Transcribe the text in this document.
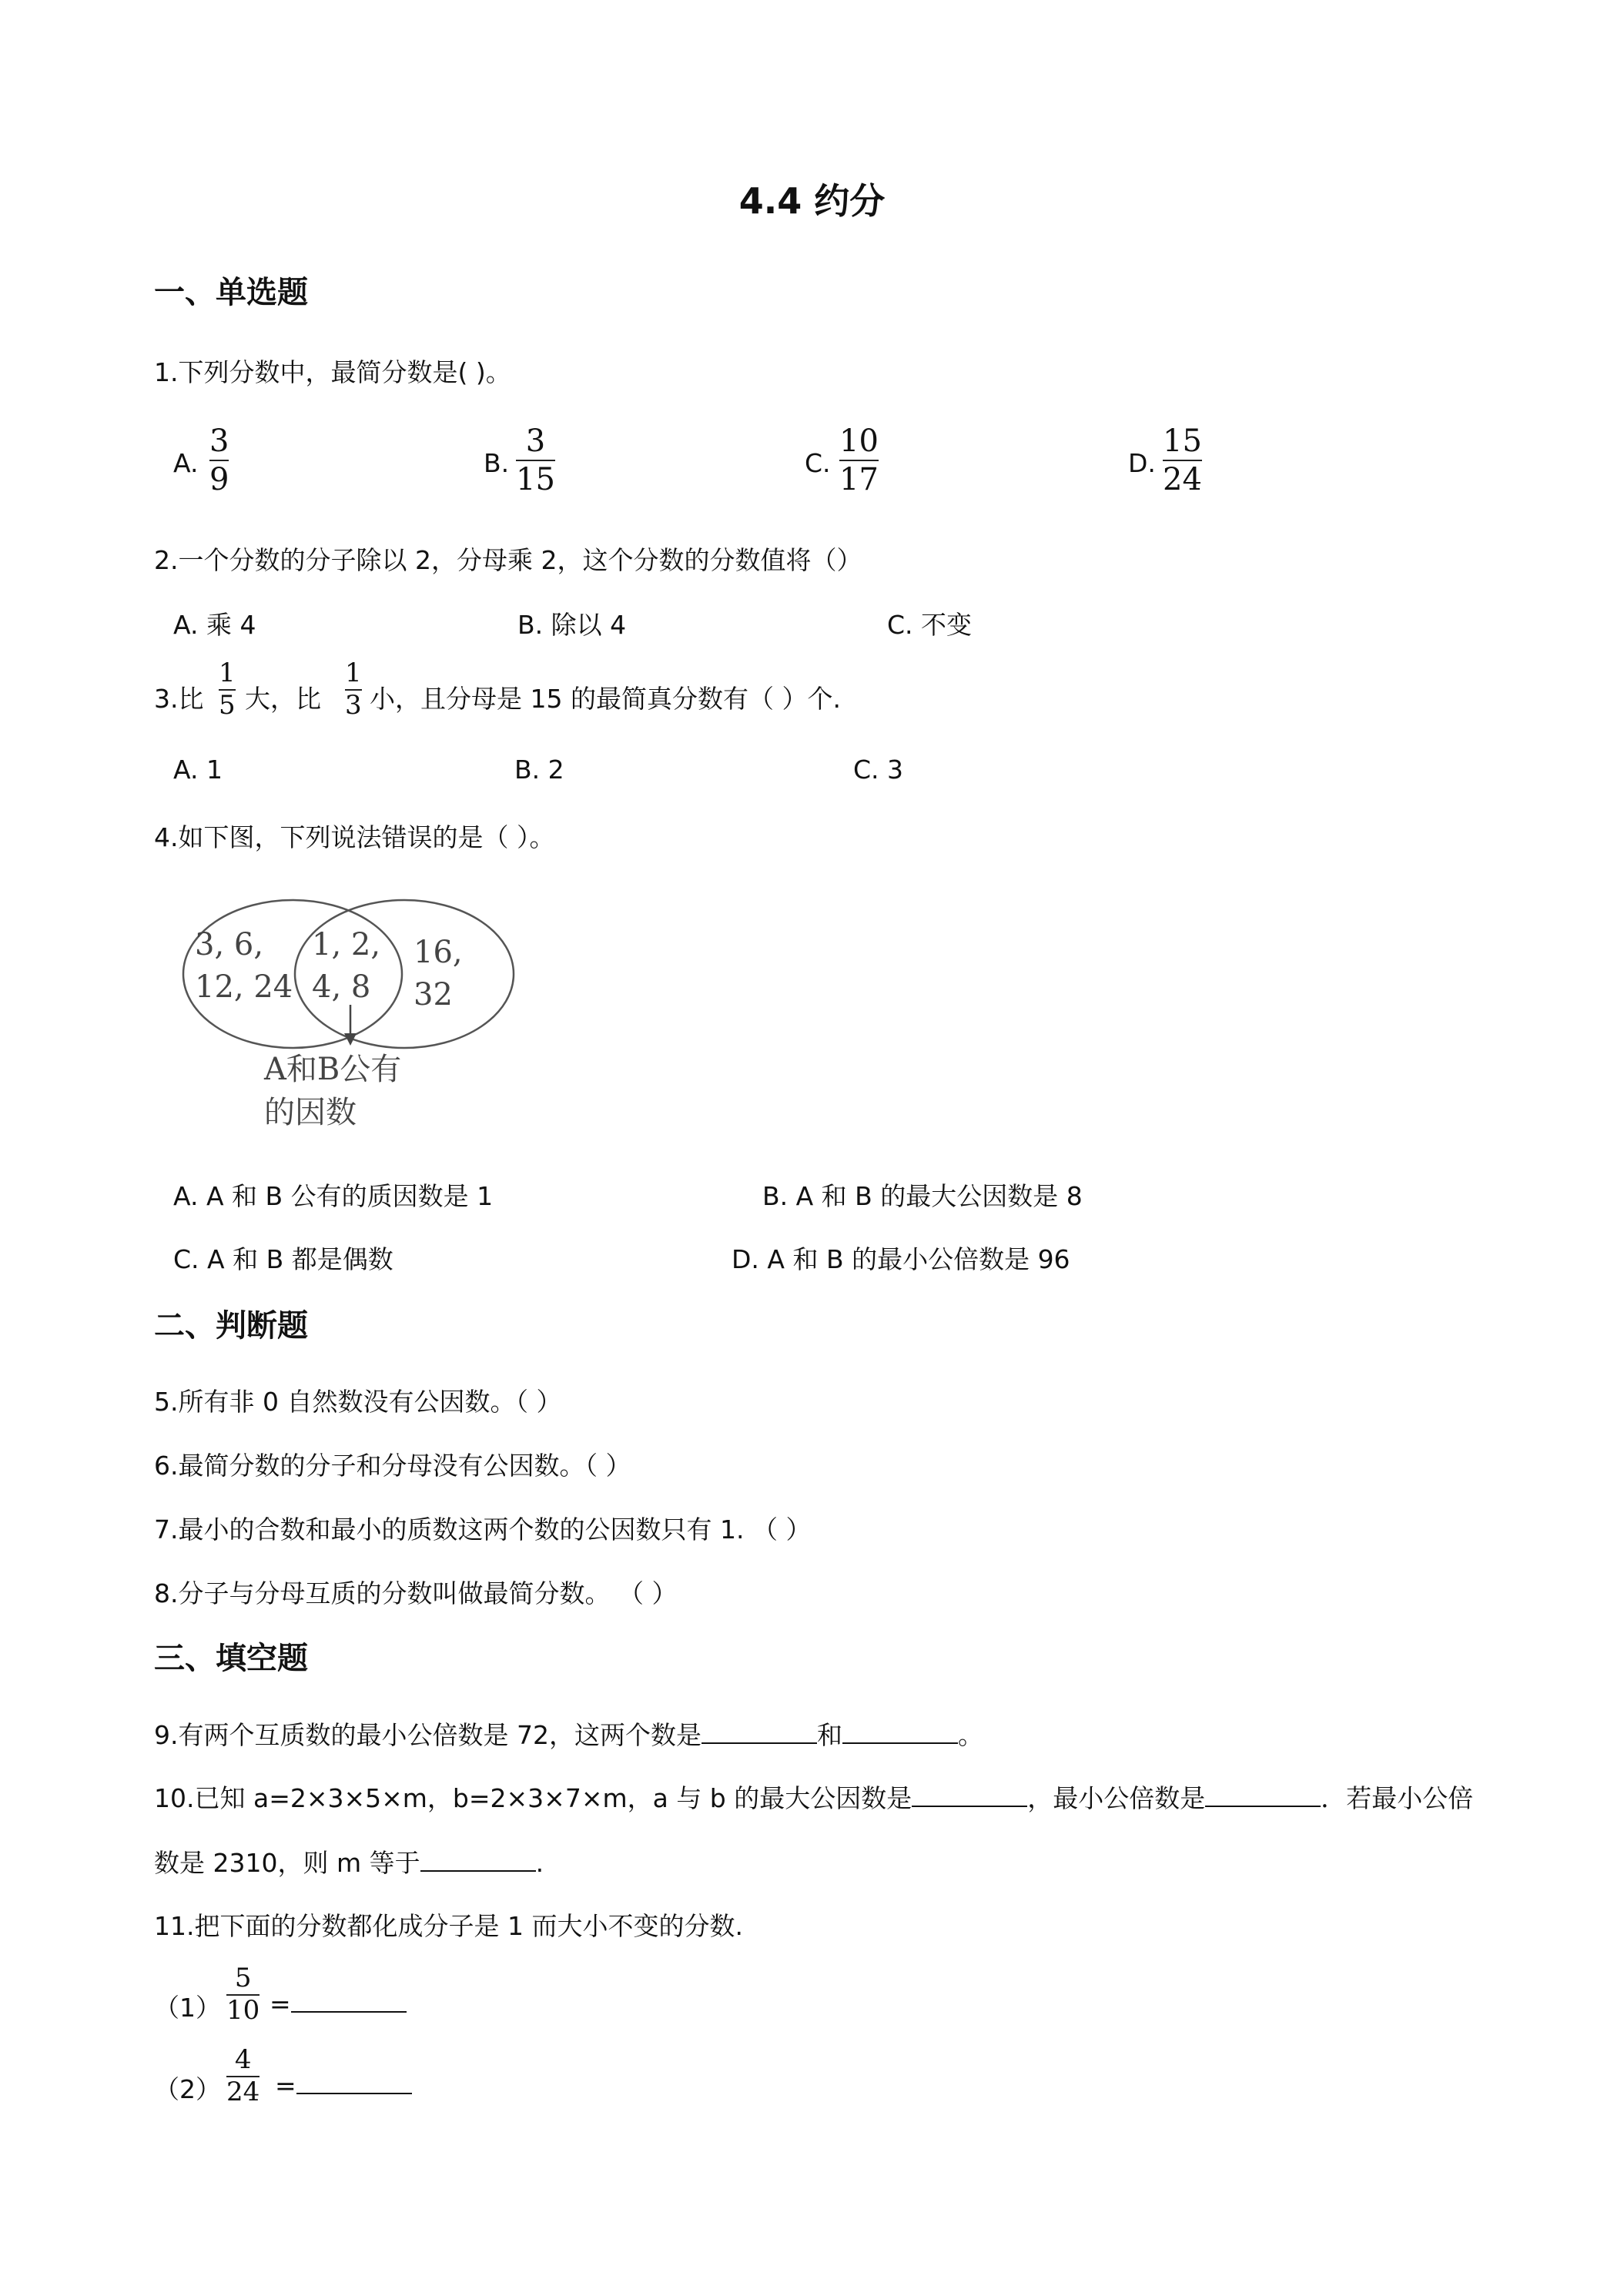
4.4 约分
一、单选题
1.下列分数中，最简分数是( )。
A.
3
9	B.
3
15	C.
10
17	D.
15
24
2.一个分数的分子除以 2，分母乘 2，这个分数的分数值将（）
A. 乘 4	B. 除以 4	C. 不变
3.比
1
5 大，比
1
3 小，且分母是 15 的最简真分数有（ ）个.
A. 1	B. 2	C. 3
4.如下图，下列说法错误的是（ ）。
3, 6,
12, 24
1, 2,
4, 8
16,
32
A和B公有
的因数
A. A 和 B 公有的质因数是 1	B. A 和 B 的最大公因数是 8
C. A 和 B 都是偶数	D. A 和 B 的最小公倍数是 96
二、判断题
5.所有非 0 自然数没有公因数。（ ）
6.最简分数的分子和分母没有公因数。（ ）
7.最小的合数和最小的质数这两个数的公因数只有 1. （ ）
8.分子与分母互质的分数叫做最简分数。 （ ）
三、填空题
9.有两个互质数的最小公倍数是 72，这两个数是	和	。
10.已知 a=2×3×5×m，b=2×3×7×m，a 与 b 的最大公因数是	，最小公倍数是	．若最小公倍
数是 2310，则 m 等于	.
11.把下面的分数都化成分子是 1 而大小不变的分数.
（1）
5
10 =
（2）
4
24 =
